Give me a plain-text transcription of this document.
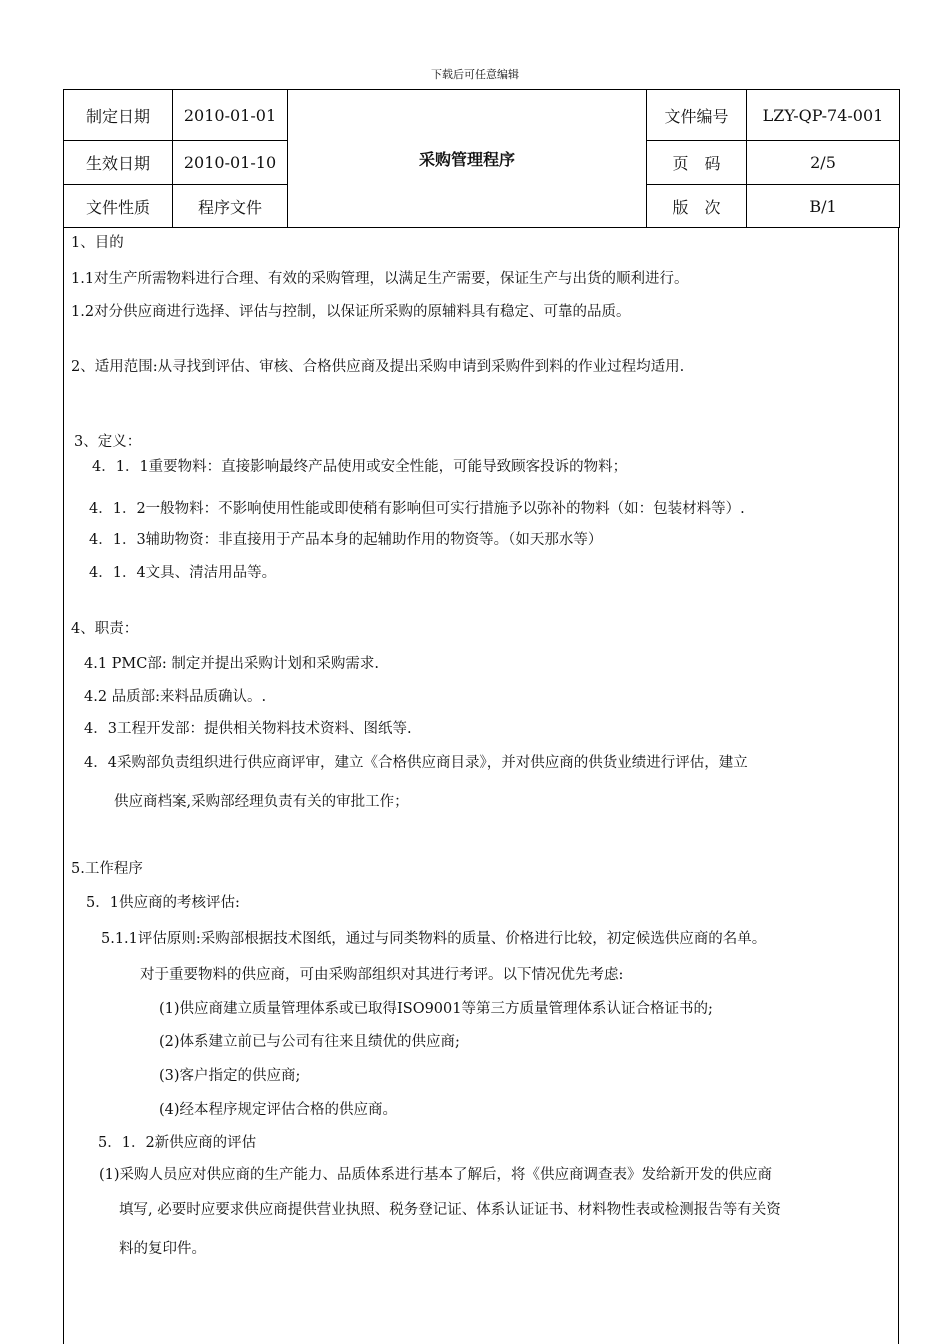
下载后可任意编辑
制定日期	2010-01-01	采购管理程序	文件编号	LZY-QP-74-001
生效日期	2010-01-10		页　码	2/5
文件性质	程序文件		版　次	B/1
1、目的
1.1对生产所需物料进行合理、有效的采购管理，以满足生产需要，保证生产与出货的顺利进行。
1.2对分供应商进行选择、评估与控制，以保证所采购的原辅料具有稳定、可靠的品质。
2、适用范围:从寻找到评估、审核、合格供应商及提出采购申请到采购件到料的作业过程均适用.
3、定义：
4．1．1重要物料：直接影响最终产品使用或安全性能，可能导致顾客投诉的物料；
4．1．2一般物料：不影响使用性能或即使稍有影响但可实行措施予以弥补的物料（如：包装材料等）.
4．1．3辅助物资：非直接用于产品本身的起辅助作用的物资等。（如天那水等）
4．1．4文具、清洁用品等。
4、职责：
4.1 PMC部: 制定并提出采购计划和采购需求.
4.2 品质部:来料品质确认。.
4．3工程开发部：提供相关物料技术资料、图纸等.
4．4采购部负责组织进行供应商评审，建立《合格供应商目录》，并对供应商的供货业绩进行评估，建立
供应商档案,采购部经理负责有关的审批工作；
5.工作程序
5．1供应商的考核评估:
5.1.1评估原则:采购部根据技术图纸，通过与同类物料的质量、价格进行比较，初定候选供应商的名单。
对于重要物料的供应商，可由采购部组织对其进行考评。以下情况优先考虑:
(1)供应商建立质量管理体系或已取得ISO9001等第三方质量管理体系认证合格证书的;
(2)体系建立前已与公司有往来且绩优的供应商;
(3)客户指定的供应商;
(4)经本程序规定评估合格的供应商。
5．1．2新供应商的评估
(1)采购人员应对供应商的生产能力、品质体系进行基本了解后，将《供应商调查表》发给新开发的供应商
填写, 必要时应要求供应商提供营业执照、税务登记证、体系认证证书、材料物性表或检测报告等有关资
料的复印件。
